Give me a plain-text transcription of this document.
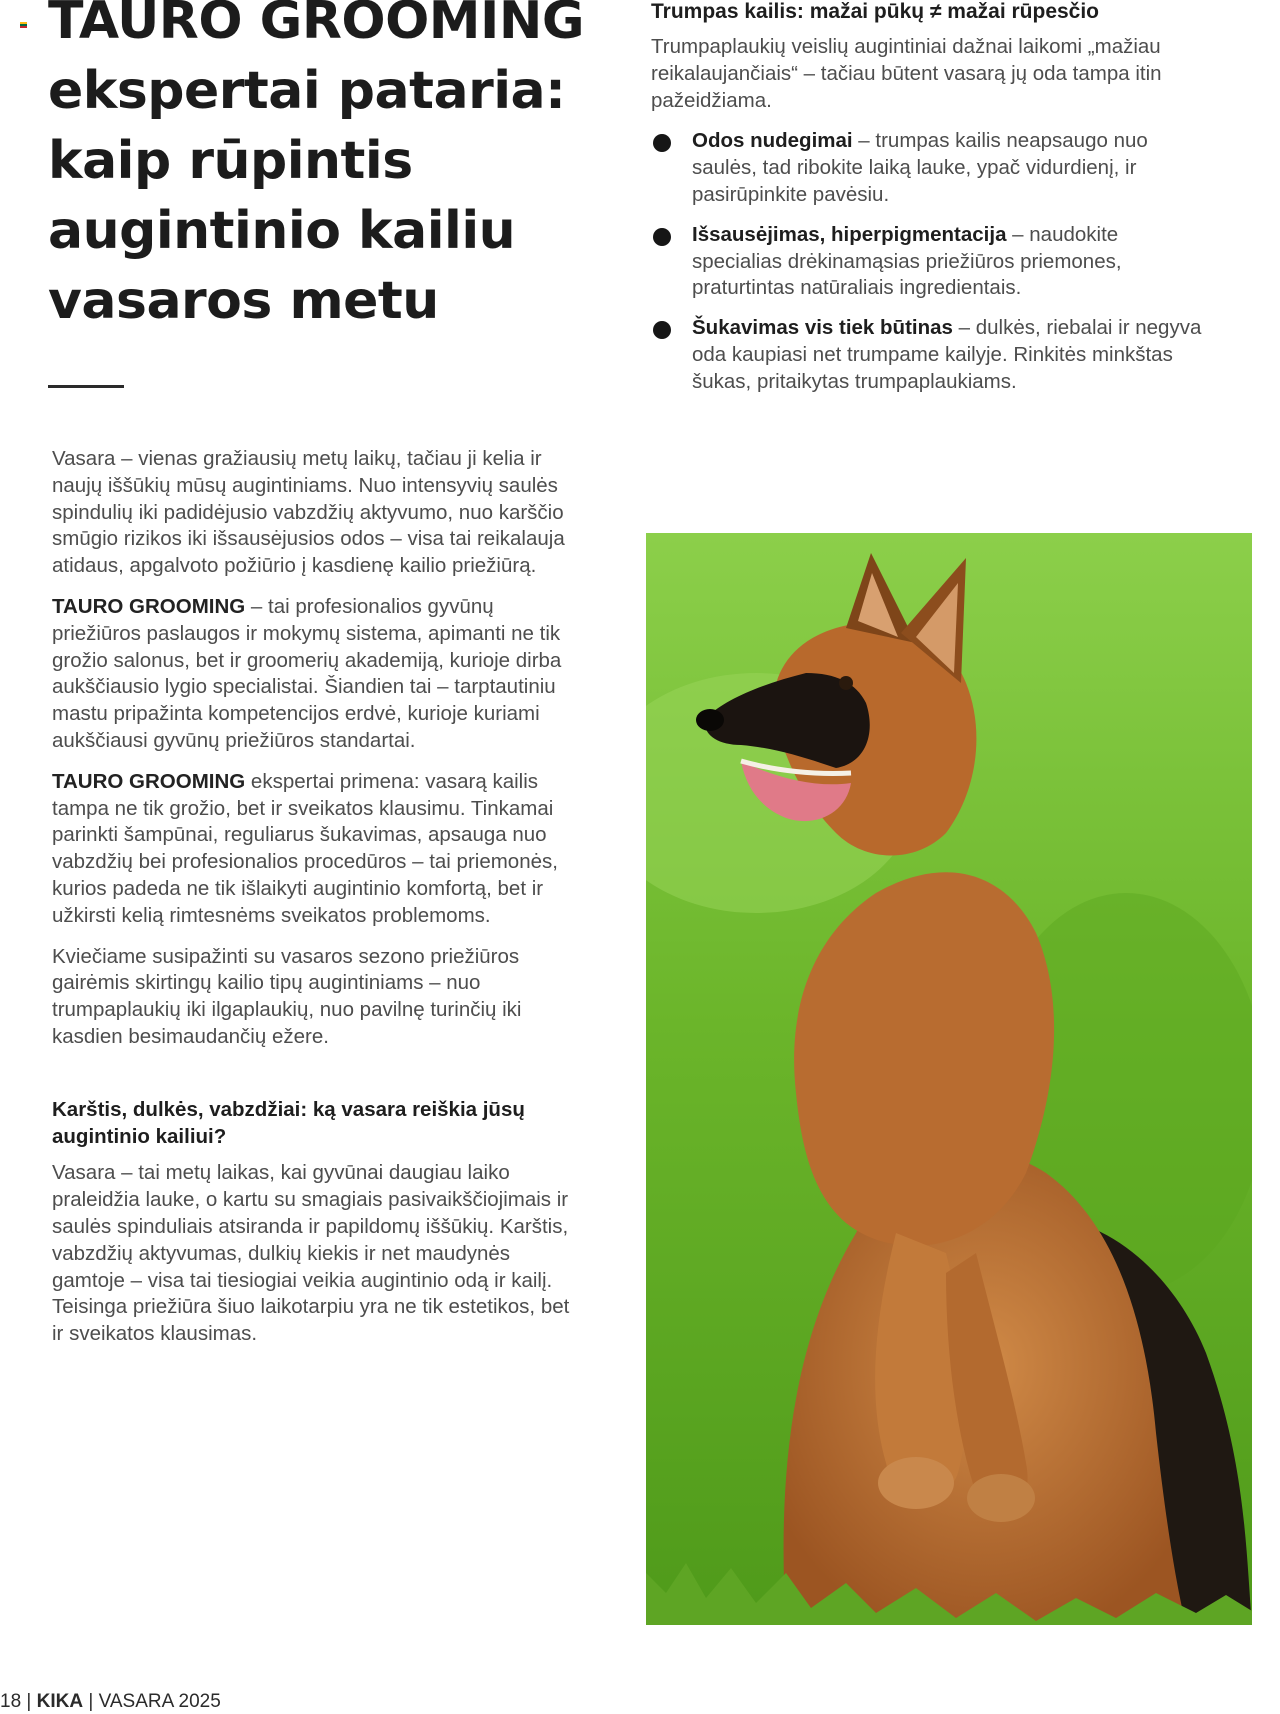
TAURO GROOMING
ekspertai pataria:
kaip rūpintis
augintinio kailiu
vasaros metu

Vasara – vienas gražiausių metų laikų, tačiau ji kelia ir naujų iššūkių mūsų augintiniams. Nuo intensyvių saulės spindulių iki padidėjusio vabzdžių aktyvumo, nuo karščio smūgio rizikos iki išsausėjusios odos – visa tai reikalauja atidaus, apgalvoto požiūrio į kasdienę kailio priežiūrą.

TAURO GROOMING – tai profesionalios gyvūnų priežiūros paslaugos ir mokymų sistema, apimanti ne tik grožio salonus, bet ir groomerių akademiją, kurioje dirba aukščiausio lygio specialistai. Šiandien tai – tarptautiniu mastu pripažinta kompetencijos erdvė, kurioje kuriami aukščiausi gyvūnų priežiūros standartai.

TAURO GROOMING ekspertai primena: vasarą kailis tampa ne tik grožio, bet ir sveikatos klausimu. Tinkamai parinkti šampūnai, reguliarus šukavimas, apsauga nuo vabzdžių bei profesionalios procedūros – tai priemonės, kurios padeda ne tik išlaikyti augintinio komfortą, bet ir užkirsti kelią rimtesnėms sveikatos problemoms.

Kviečiame susipažinti su vasaros sezono priežiūros gairėmis skirtingų kailio tipų augintiniams – nuo trumpaplaukių iki ilgaplaukių, nuo pavilnę turinčių iki kasdien besimaudančių ežere.

Karštis, dulkės, vabzdžiai: ką vasara reiškia jūsų augintinio kailiui?

Vasara – tai metų laikas, kai gyvūnai daugiau laiko praleidžia lauke, o kartu su smagiais pasivaikščiojimais ir saulės spinduliais atsiranda ir papildomų iššūkių. Karštis, vabzdžių aktyvumas, dulkių kiekis ir net maudynės gamtoje – visa tai tiesiogiai veikia augintinio odą ir kailį. Teisinga priežiūra šiuo laikotarpiu yra ne tik estetikos, bet ir sveikatos klausimas.

Trumpas kailis: mažai pūkų ≠ mažai rūpesčio

Trumpaplaukių veislių augintiniai dažnai laikomi „mažiau reikalaujančiais“ – tačiau būtent vasarą jų oda tampa itin pažeidžiama.

Odos nudegimai – trumpas kailis neapsaugo nuo saulės, tad ribokite laiką lauke, ypač vidurdienį, ir pasirūpinkite pavėsiu.
Išsausėjimas, hiperpigmentacija – naudokite specialias drėkinamąsias priežiūros priemones, praturtintas natūraliais ingredientais.
Šukavimas vis tiek būtinas – dulkės, riebalai ir negyva oda kaupiasi net trumpame kailyje. Rinkitės minkštas šukas, pritaikytas trumpaplaukiams.
18 | KIKA | VASARA 2025
